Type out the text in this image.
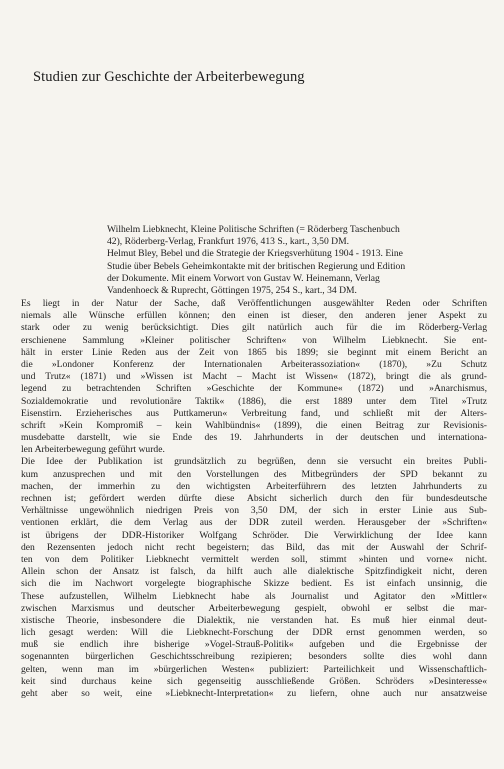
Studien zur Geschichte der Arbeiterbewegung
Wilhelm Liebknecht, Kleine Politische Schriften (= Röderberg Taschenbuch
42), Röderberg-Verlag, Frankfurt 1976, 413 S., kart., 3,50 DM.
Helmut Bley, Bebel und die Strategie der Kriegsverhütung 1904 - 1913. Eine
Studie über Bebels Geheimkontakte mit der britischen Regierung und Edition
der Dokumente. Mit einem Vorwort von Gustav W. Heinemann, Verlag
Vandenhoeck & Ruprecht, Göttingen 1975, 254 S., kart., 34 DM.
Es liegt in der Natur der Sache, daß Veröffentlichungen ausgewählter Reden oder Schriften
niemals alle Wünsche erfüllen können; den einen ist dieser, den anderen jener Aspekt zu
stark oder zu wenig berücksichtigt. Dies gilt natürlich auch für die im Röderberg-Verlag
erschienene Sammlung »Kleiner politischer Schriften« von Wilhelm Liebknecht. Sie ent-
hält in erster Linie Reden aus der Zeit von 1865 bis 1899; sie beginnt mit einem Bericht an
die »Londoner Konferenz der Internationalen Arbeiterassoziation« (1870), »Zu Schutz
und Trutz« (1871) und »Wissen ist Macht – Macht ist Wissen« (1872), bringt die als grund-
legend zu betrachtenden Schriften »Geschichte der Kommune« (1872) und »Anarchismus,
Sozialdemokratie und revolutionäre Taktik« (1886), die erst 1889 unter dem Titel »Trutz
Eisenstirn. Erzieherisches aus Puttkamerun« Verbreitung fand, und schließt mit der Alters-
schrift »Kein Kompromiß – kein Wahlbündnis« (1899), die einen Beitrag zur Revisionis-
musdebatte darstellt, wie sie Ende des 19. Jahrhunderts in der deutschen und internationa-
len Arbeiterbewegung geführt wurde.
Die Idee der Publikation ist grundsätzlich zu begrüßen, denn sie versucht ein breites Publi-
kum anzusprechen und mit den Vorstellungen des Mitbegründers der SPD bekannt zu
machen, der immerhin zu den wichtigsten Arbeiterführern des letzten Jahrhunderts zu
rechnen ist; gefördert werden dürfte diese Absicht sicherlich durch den für bundesdeutsche
Verhältnisse ungewöhnlich niedrigen Preis von 3,50 DM, der sich in erster Linie aus Sub-
ventionen erklärt, die dem Verlag aus der DDR zuteil werden. Herausgeber der »Schriften«
ist übrigens der DDR-Historiker Wolfgang Schröder. Die Verwirklichung der Idee kann
den Rezensenten jedoch nicht recht begeistern; das Bild, das mit der Auswahl der Schrif-
ten von dem Politiker Liebknecht vermittelt werden soll, stimmt »hinten und vorne« nicht.
Allein schon der Ansatz ist falsch, da hilft auch alle dialektische Spitzfindigkeit nicht, deren
sich die im Nachwort vorgelegte biographische Skizze bedient. Es ist einfach unsinnig, die
These aufzustellen, Wilhelm Liebknecht habe als Journalist und Agitator den »Mittler«
zwischen Marxismus und deutscher Arbeiterbewegung gespielt, obwohl er selbst die mar-
xistische Theorie, insbesondere die Dialektik, nie verstanden hat. Es muß hier einmal deut-
lich gesagt werden: Will die Liebknecht-Forschung der DDR ernst genommen werden, so
muß sie endlich ihre bisherige »Vogel-Strauß-Politik« aufgeben und die Ergebnisse der
sogenannten bürgerlichen Geschichtsschreibung rezipieren; besonders sollte dies wohl dann
gelten, wenn man im »bürgerlichen Westen« publiziert: Parteilichkeit und Wissenschaftlich-
keit sind durchaus keine sich gegenseitig ausschließende Größen. Schröders »Desinteresse«
geht aber so weit, eine »Liebknecht-Interpretation« zu liefern, ohne auch nur ansatzweise
